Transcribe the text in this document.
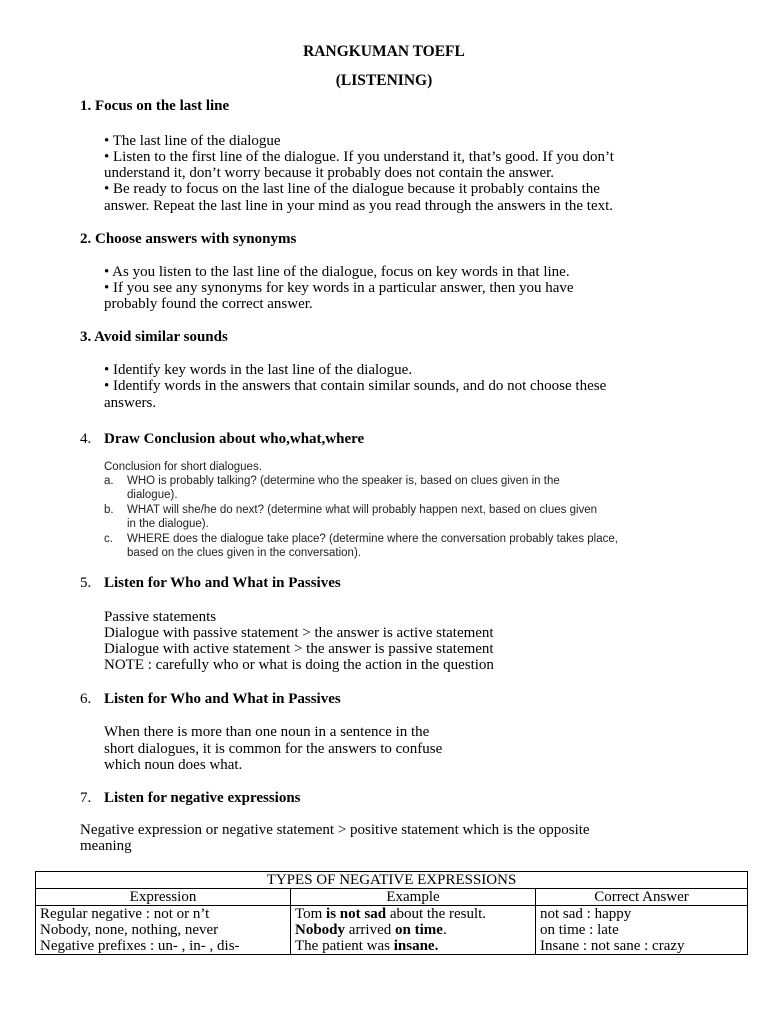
RANGKUMAN TOEFL
(LISTENING)
1. Focus on the last line
• The last line of the dialogue
• Listen to the first line of the dialogue. If you understand it, that’s good. If you don’t
understand it, don’t worry because it probably does not contain the answer.
• Be ready to focus on the last line of the dialogue because it probably contains the
answer. Repeat the last line in your mind as you read through the answers in the text.
2. Choose answers with synonyms
• As you listen to the last line of the dialogue, focus on key words in that line.
• If you see any synonyms for key words in a particular answer, then you have
probably found the correct answer.
3. Avoid similar sounds
• Identify key words in the last line of the dialogue.
• Identify words in the answers that contain similar sounds, and do not choose these
answers.
4. Draw Conclusion about who,what,where
Conclusion for short dialogues.
a. WHO is probably talking? (determine who the speaker is, based on clues given in the
dialogue).
b. WHAT will she/he do next? (determine what will probably happen next, based on clues given
in the dialogue).
c. WHERE does the dialogue take place? (determine where the conversation probably takes place,
based on the clues given in the conversation).
5. Listen for Who and What in Passives
Passive statements
Dialogue with passive statement > the answer is active statement
Dialogue with active statement > the answer is passive statement
NOTE : carefully who or what is doing the action in the question
6. Listen for Who and What in Passives
When there is more than one noun in a sentence in the
short dialogues, it is common for the answers to confuse
which noun does what.
7. Listen for negative expressions
Negative expression or negative statement > positive statement which is the opposite
meaning
TYPES OF NEGATIVE EXPRESSIONS		
Expression	Example	Correct Answer

Regular negative : not or n’t
Nobody, none, nothing, never
Negative prefixes : un- , in- , dis-	Tom is not sad about the result.
Nobody arrived on time.
The patient was insane.	not sad : happy
on time : late
Insane : not sane : crazy
